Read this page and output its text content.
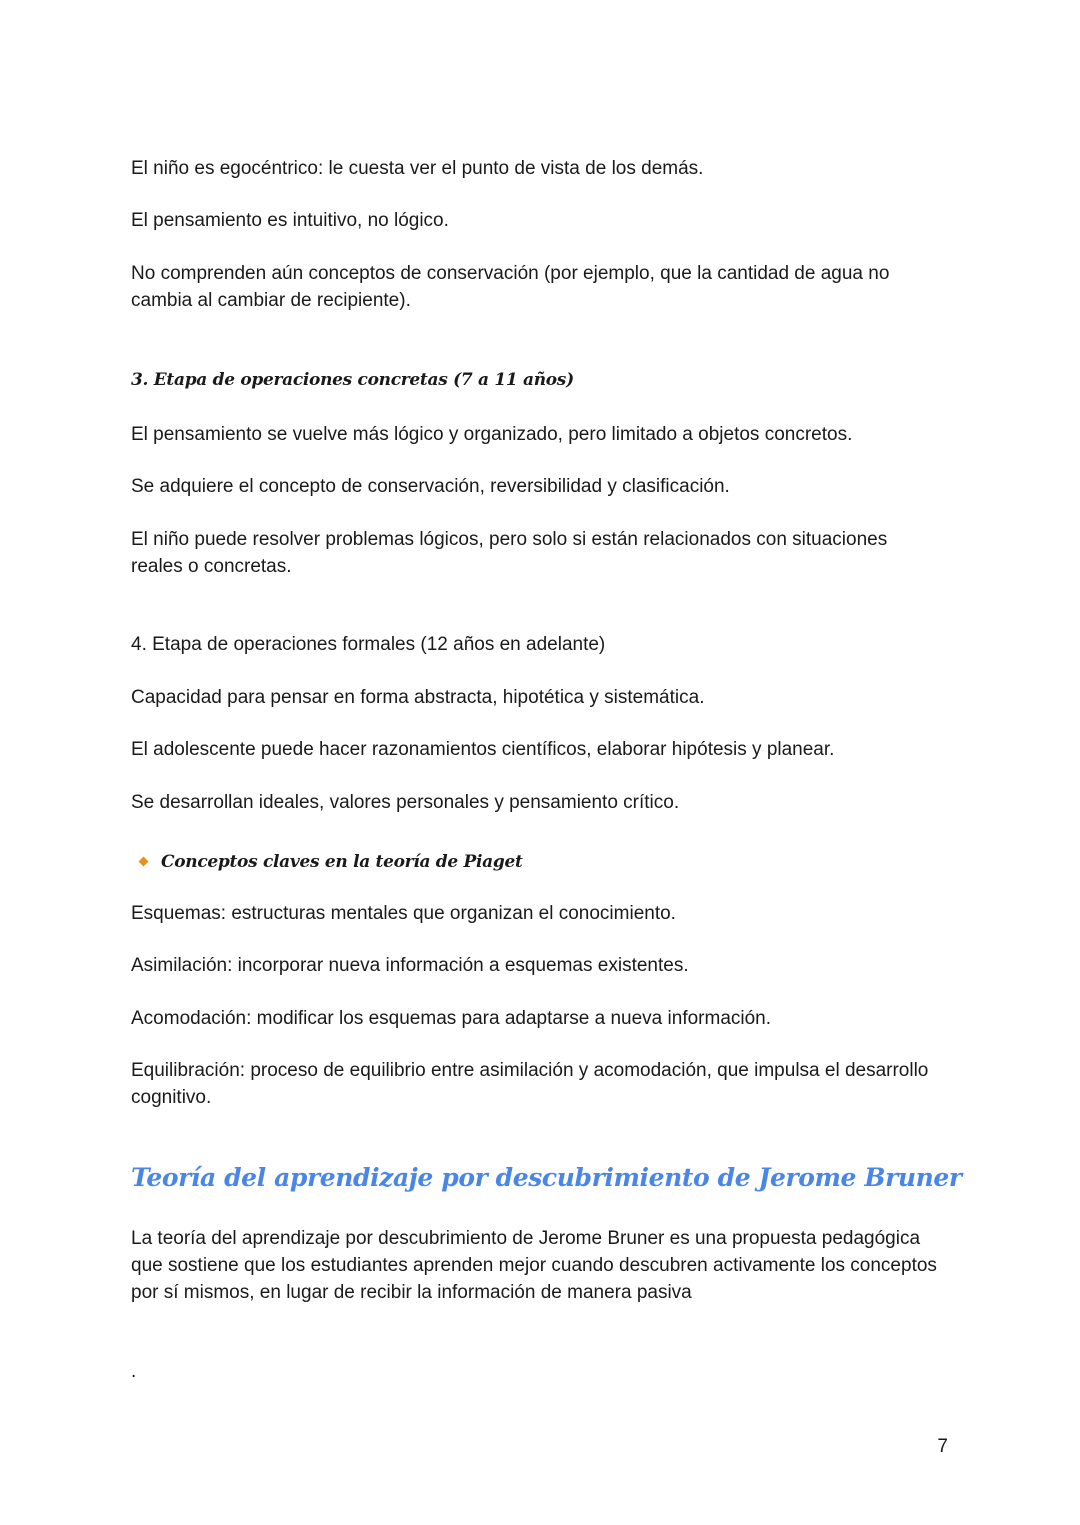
El niño es egocéntrico: le cuesta ver el punto de vista de los demás.

El pensamiento es intuitivo, no lógico.

No comprenden aún conceptos de conservación (por ejemplo, que la cantidad de agua no cambia al cambiar de recipiente).

3. Etapa de operaciones concretas (7 a 11 años)

El pensamiento se vuelve más lógico y organizado, pero limitado a objetos concretos.

Se adquiere el concepto de conservación, reversibilidad y clasificación.

El niño puede resolver problemas lógicos, pero solo si están relacionados con situaciones reales o concretas.

4. Etapa de operaciones formales (12 años en adelante)

Capacidad para pensar en forma abstracta, hipotética y sistemática.

El adolescente puede hacer razonamientos científicos, elaborar hipótesis y planear.

Se desarrollan ideales, valores personales y pensamiento crítico.

Conceptos claves en la teoría de Piaget

Esquemas: estructuras mentales que organizan el conocimiento.

Asimilación: incorporar nueva información a esquemas existentes.

Acomodación: modificar los esquemas para adaptarse a nueva información.

Equilibración: proceso de equilibrio entre asimilación y acomodación, que impulsa el desarrollo cognitivo.

Teoría del aprendizaje por descubrimiento de Jerome Bruner

La teoría del aprendizaje por descubrimiento de Jerome Bruner es una propuesta pedagógica que sostiene que los estudiantes aprenden mejor cuando descubren activamente los conceptos por sí mismos, en lugar de recibir la información de manera pasiva

.

7
